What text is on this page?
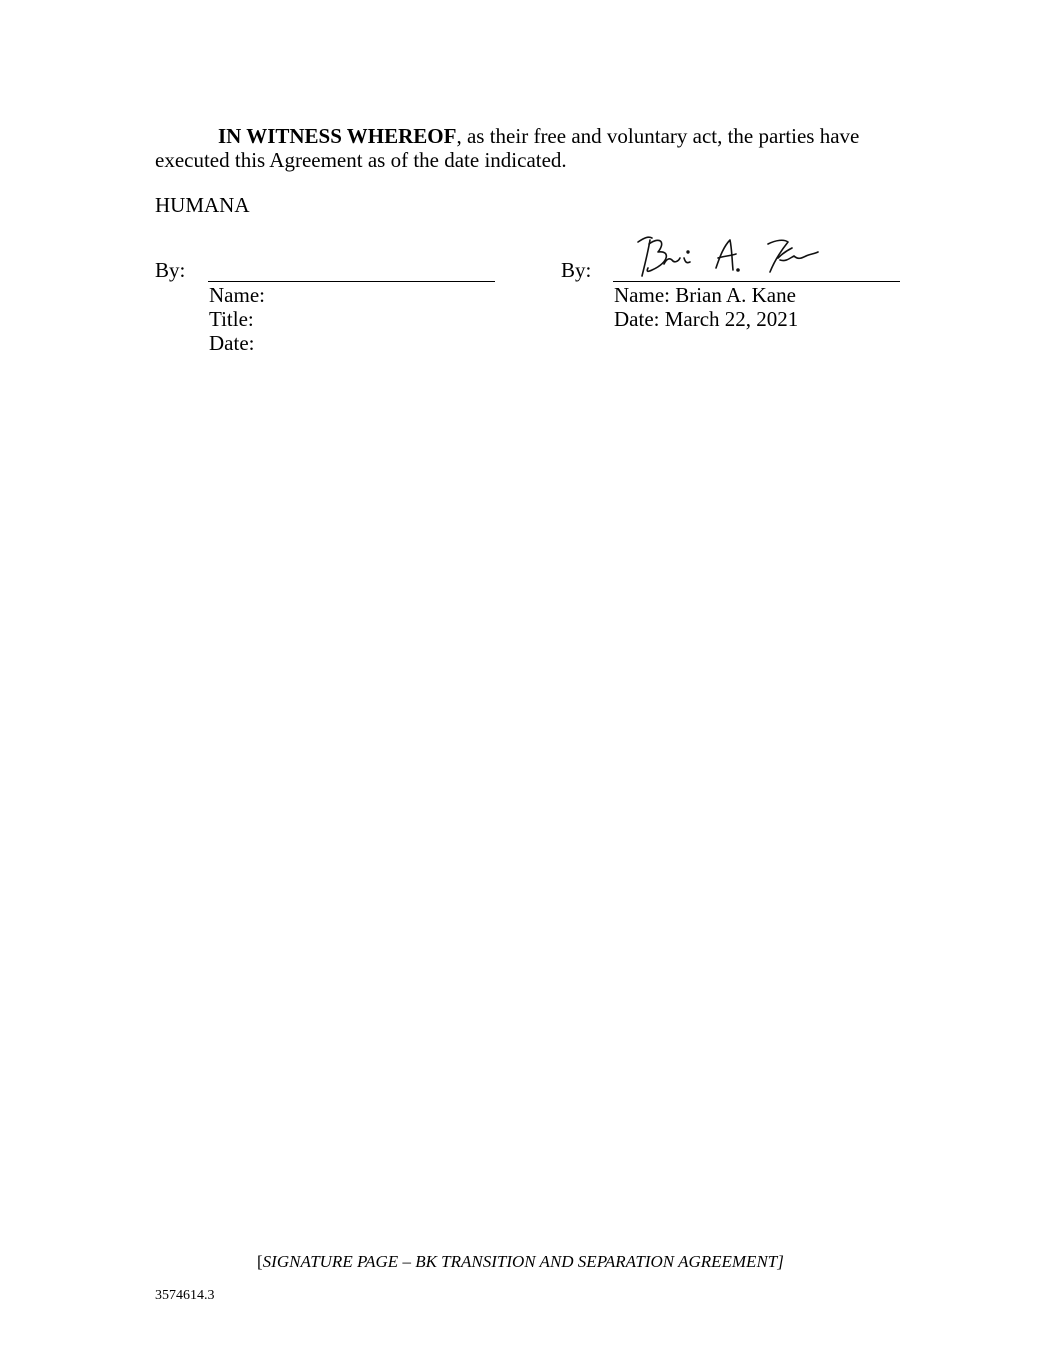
IN WITNESS WHEREOF, as their free and voluntary act, the parties have
executed this Agreement as of the date indicated.
HUMANA
By:
Name:
Title:
Date:
By:
Name: Brian A. Kane
Date: March 22, 2021
[SIGNATURE PAGE – BK TRANSITION AND SEPARATION AGREEMENT]
3574614.3
